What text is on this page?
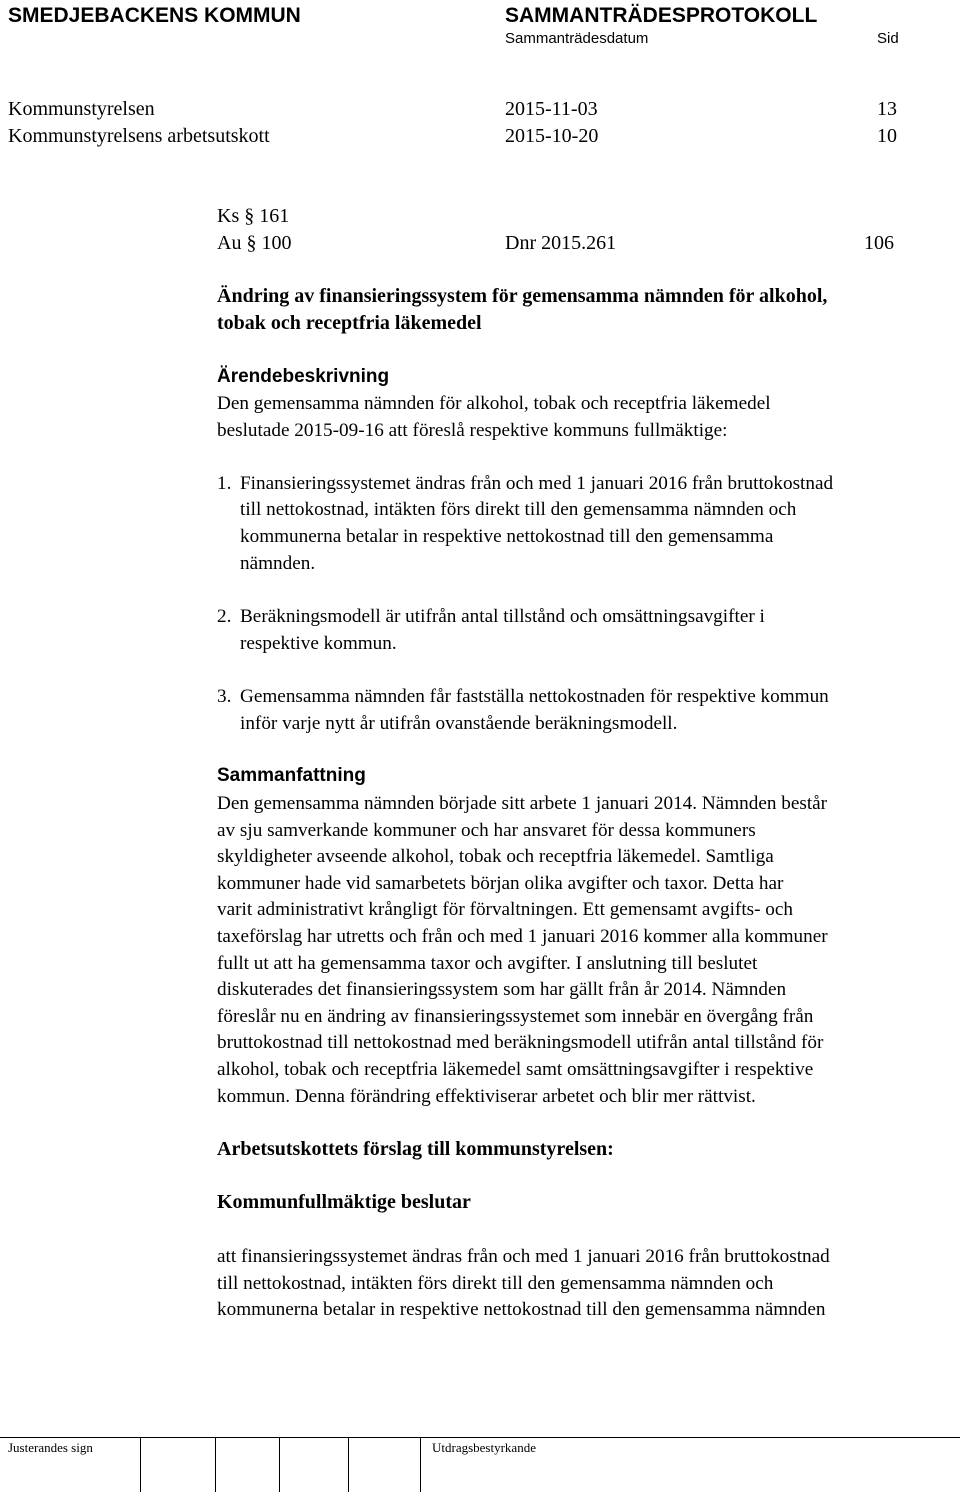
SMEDJEBACKENS KOMMUN	SAMMANTRÄDESPROTOKOLL
Sammanträdesdatum	Sid
Kommunstyrelsen	2015-11-03	13
Kommunstyrelsens arbetsutskott	2015-10-20	10
Ks § 161
Au § 100	Dnr 2015.261	106
Ändring av finansieringssystem för gemensamma nämnden för alkohol,
tobak och receptfria läkemedel
Ärendebeskrivning
Den gemensamma nämnden för alkohol, tobak och receptfria läkemedel
beslutade 2015-09-16 att föreslå respektive kommuns fullmäktige:
1. Finansieringssystemet ändras från och med 1 januari 2016 från bruttokostnad
till nettokostnad, intäkten förs direkt till den gemensamma nämnden och
kommunerna betalar in respektive nettokostnad till den gemensamma
nämnden.
2. Beräkningsmodell är utifrån antal tillstånd och omsättningsavgifter i
respektive kommun.
3. Gemensamma nämnden får fastställa nettokostnaden för respektive kommun
inför varje nytt år utifrån ovanstående beräkningsmodell.
Sammanfattning
Den gemensamma nämnden började sitt arbete 1 januari 2014. Nämnden består
av sju samverkande kommuner och har ansvaret för dessa kommuners
skyldigheter avseende alkohol, tobak och receptfria läkemedel. Samtliga
kommuner hade vid samarbetets början olika avgifter och taxor. Detta har
varit administrativt krångligt för förvaltningen. Ett gemensamt avgifts- och
taxeförslag har utretts och från och med 1 januari 2016 kommer alla kommuner
fullt ut att ha gemensamma taxor och avgifter. I anslutning till beslutet
diskuterades det finansieringssystem som har gällt från år 2014. Nämnden
föreslår nu en ändring av finansieringssystemet som innebär en övergång från
bruttokostnad till nettokostnad med beräkningsmodell utifrån antal tillstånd för
alkohol, tobak och receptfria läkemedel samt omsättningsavgifter i respektive
kommun. Denna förändring effektiviserar arbetet och blir mer rättvist.
Arbetsutskottets förslag till kommunstyrelsen:
Kommunfullmäktige beslutar
att finansieringssystemet ändras från och med 1 januari 2016 från bruttokostnad
till nettokostnad, intäkten förs direkt till den gemensamma nämnden och
kommunerna betalar in respektive nettokostnad till den gemensamma nämnden
Justerandes sign	Utdragsbestyrkande
